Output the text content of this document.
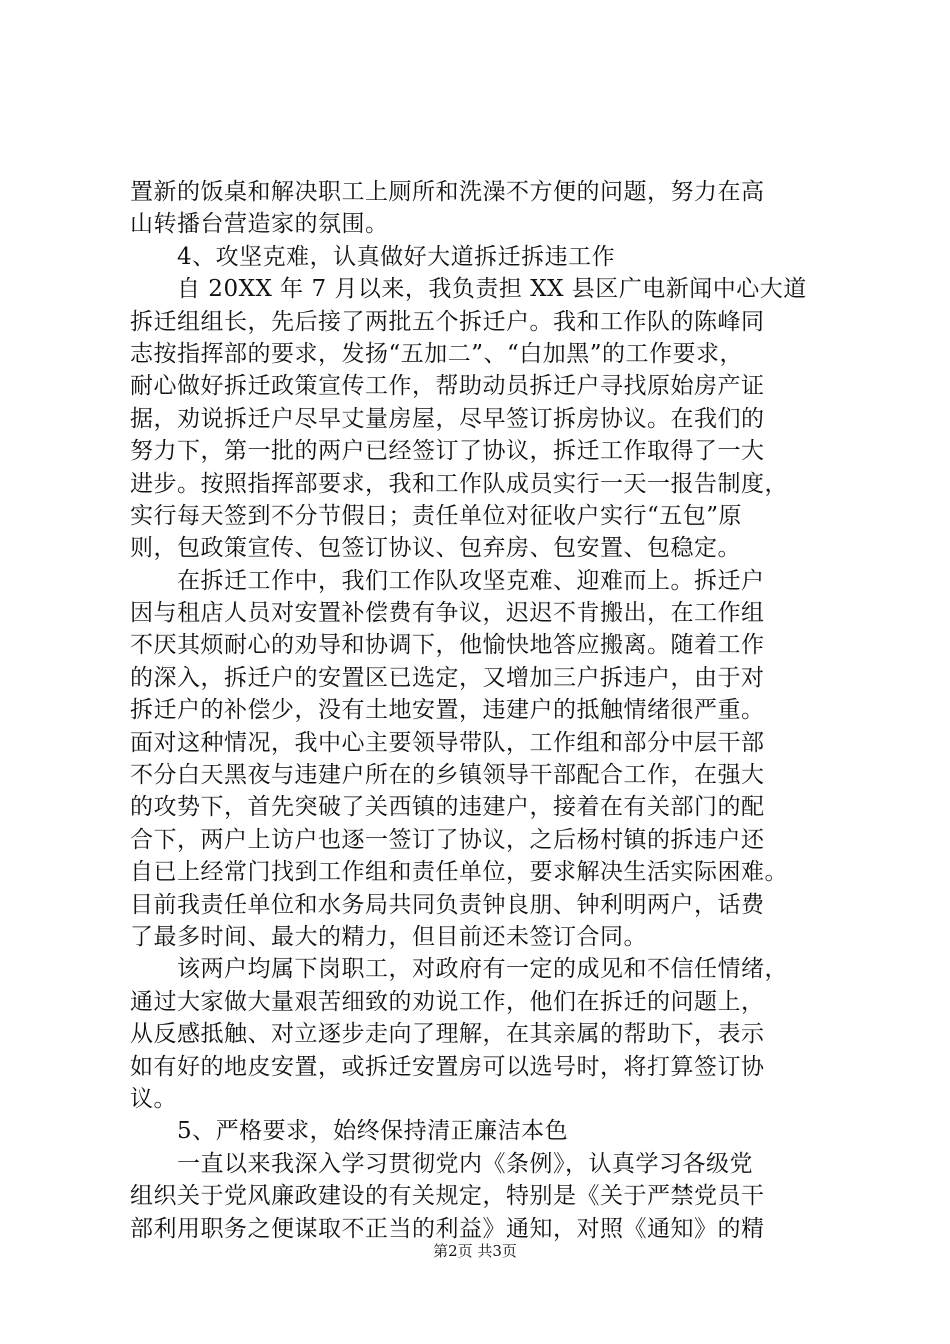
置新的饭桌和解决职工上厕所和洗澡不方便的问题，努力在高
山转播台营造家的氛围。
　　4、攻坚克难，认真做好大道拆迁拆违工作
　　自 20XX 年 7 月以来，我负责担 XX 县区广电新闻中心大道
拆迁组组长，先后接了两批五个拆迁户。我和工作队的陈峰同
志按指挥部的要求，发扬“五加二”、“白加黑”的工作要求，
耐心做好拆迁政策宣传工作，帮助动员拆迁户寻找原始房产证
据，劝说拆迁户尽早丈量房屋，尽早签订拆房协议。在我们的
努力下，第一批的两户已经签订了协议，拆迁工作取得了一大
进步。按照指挥部要求，我和工作队成员实行一天一报告制度，
实行每天签到不分节假日；责任单位对征收户实行“五包”原
则，包政策宣传、包签订协议、包弃房、包安置、包稳定。
　　在拆迁工作中，我们工作队攻坚克难、迎难而上。拆迁户
因与租店人员对安置补偿费有争议，迟迟不肯搬出，在工作组
不厌其烦耐心的劝导和协调下，他愉快地答应搬离。随着工作
的深入，拆迁户的安置区已选定，又增加三户拆违户，由于对
拆迁户的补偿少，没有土地安置，违建户的抵触情绪很严重。
面对这种情况，我中心主要领导带队，工作组和部分中层干部
不分白天黑夜与违建户所在的乡镇领导干部配合工作，在强大
的攻势下，首先突破了关西镇的违建户，接着在有关部门的配
合下，两户上访户也逐一签订了协议，之后杨村镇的拆违户还
自已上经常门找到工作组和责任单位，要求解决生活实际困难。
目前我责任单位和水务局共同负责钟良朋、钟利明两户，话费
了最多时间、最大的精力，但目前还未签订合同。
　　该两户均属下岗职工，对政府有一定的成见和不信任情绪，
通过大家做大量艰苦细致的劝说工作，他们在拆迁的问题上，
从反感抵触、对立逐步走向了理解，在其亲属的帮助下，表示
如有好的地皮安置，或拆迁安置房可以选号时，将打算签订协
议。
　　5、严格要求，始终保持清正廉洁本色
　　一直以来我深入学习贯彻党内《条例》，认真学习各级党
组织关于党风廉政建设的有关规定，特别是《关于严禁党员干
部利用职务之便谋取不正当的利益》通知，对照《通知》的精
第2页 共3页
